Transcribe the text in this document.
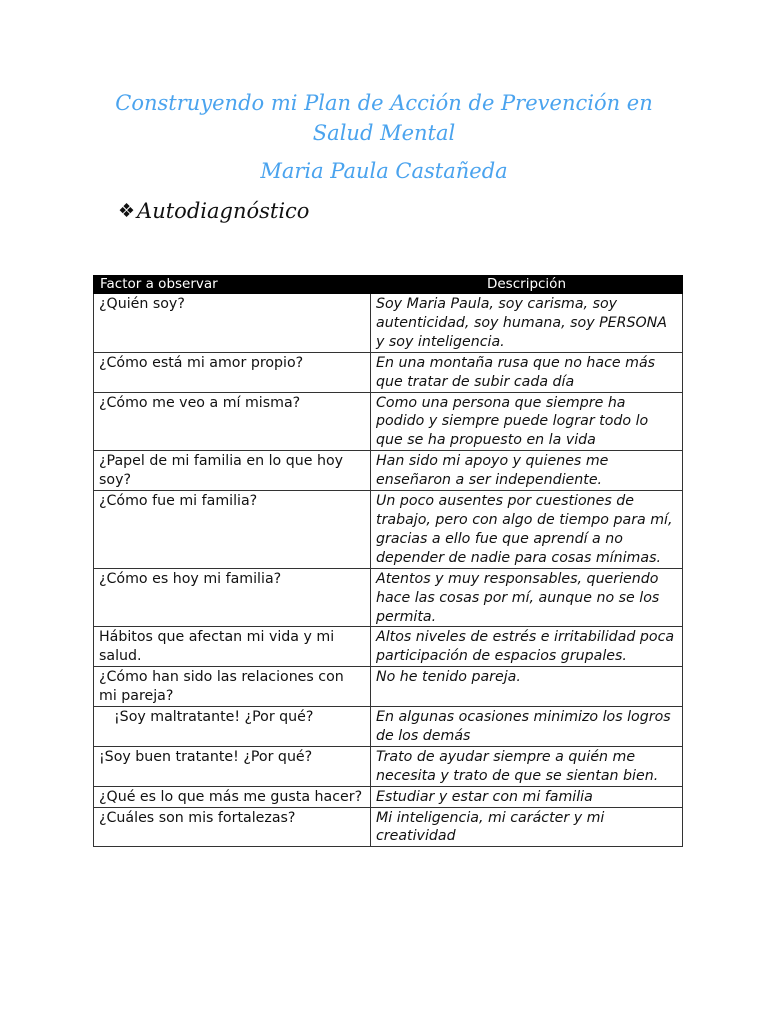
Construyendo mi Plan de Acción de Prevención en
Salud Mental
Maria Paula Castañeda
❖ Autodiagnóstico
Factor a observar	Descripción
¿Quién soy?	Soy Maria Paula, soy carisma, soy autenticidad, soy humana, soy PERSONA y soy inteligencia.
¿Cómo está mi amor propio?	En una montaña rusa que no hace más que tratar de subir cada día
¿Cómo me veo a mí misma?	Como una persona que siempre ha podido y siempre puede lograr todo lo que se ha propuesto en la vida
¿Papel de mi familia en lo que hoy soy?	Han sido mi apoyo y quienes me enseñaron a ser independiente.
¿Cómo fue mi familia?	Un poco ausentes por cuestiones de trabajo, pero con algo de tiempo para mí, gracias a ello fue que aprendí a no depender de nadie para cosas mínimas.
¿Cómo es hoy mi familia?	Atentos y muy responsables, queriendo hace las cosas por mí, aunque no se los permita.
Hábitos que afectan mi vida y mi salud.	Altos niveles de estrés e irritabilidad poca participación de espacios grupales.
¿Cómo han sido las relaciones con mi pareja?	No he tenido pareja.
¡Soy maltratante! ¿Por qué?	En algunas ocasiones minimizo los logros de los demás
¡Soy buen tratante! ¿Por qué?	Trato de ayudar siempre a quién me necesita y trato de que se sientan bien.
¿Qué es lo que más me gusta hacer?	Estudiar y estar con mi familia
¿Cuáles son mis fortalezas?	Mi inteligencia, mi carácter y mi creatividad
